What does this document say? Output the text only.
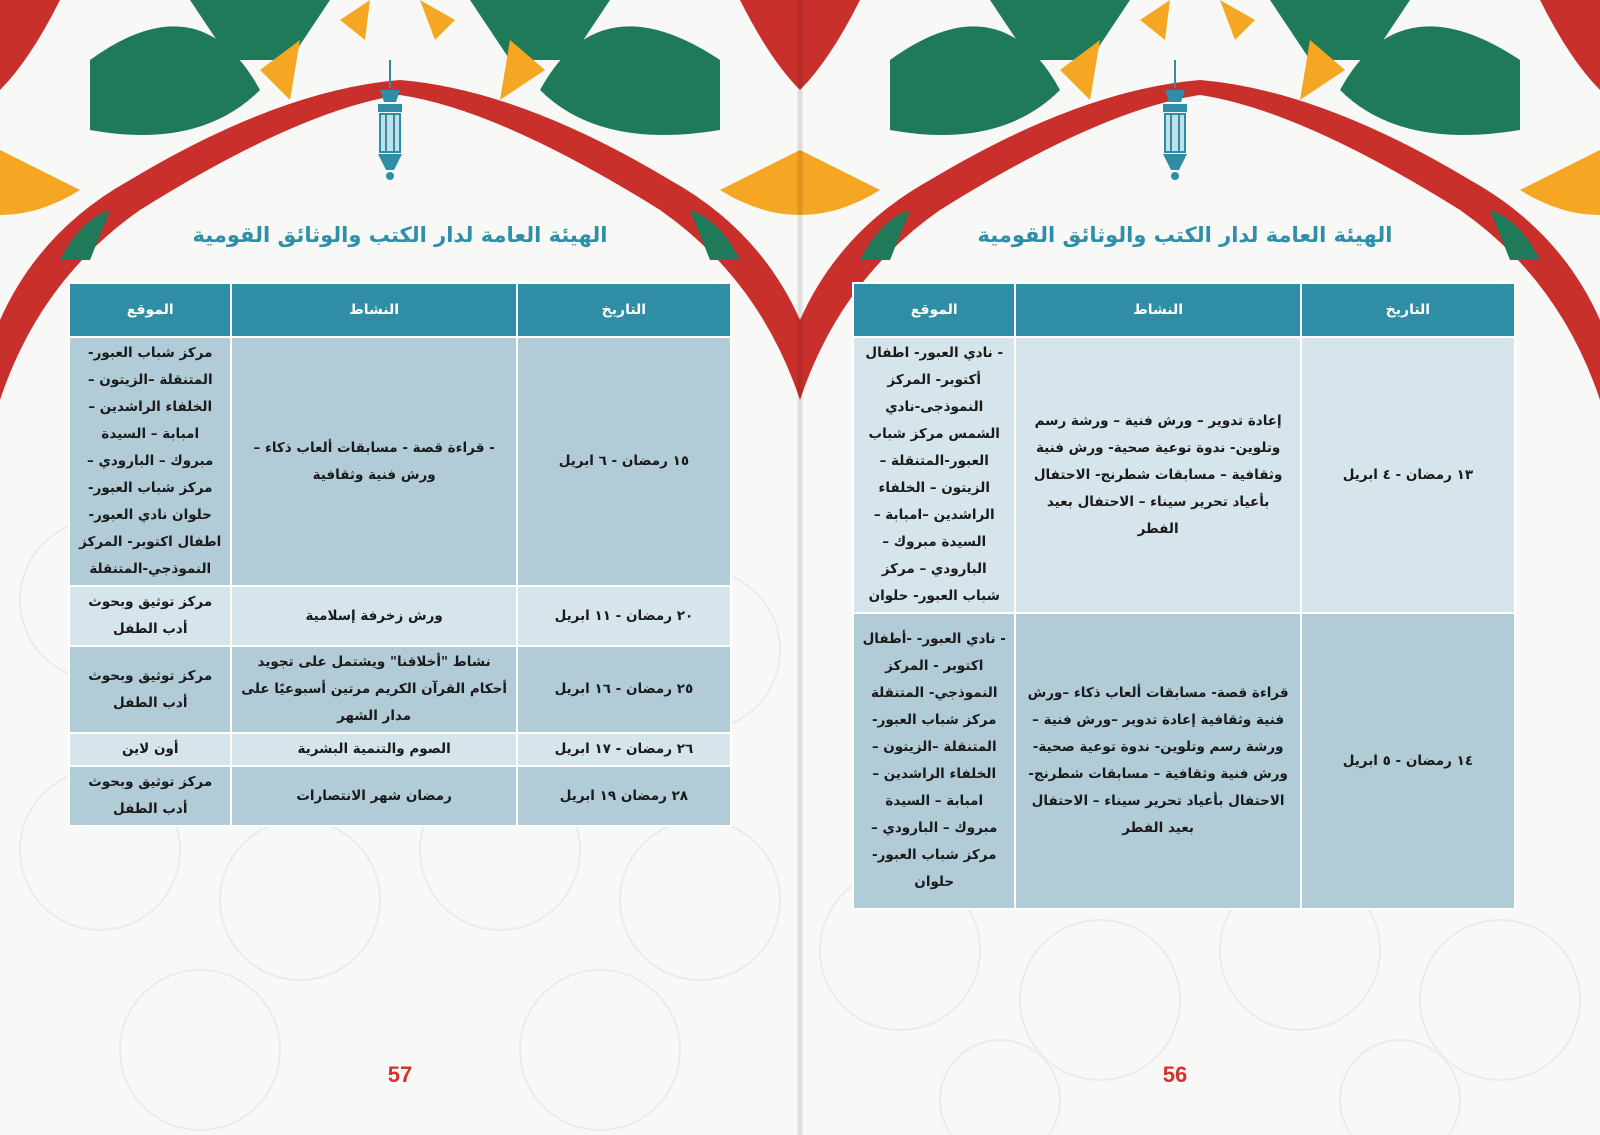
الهيئة العامة لدار الكتب والوثائق القومية
التاريخ	النشاط	الموقع
١٥ رمضان - ٦ ابريل	- قراءة قصة - مسابقات ألعاب ذكاء – ورش فنية وثقافية	مركز شباب العبور- المتنقلة –الزيتون – الخلفاء الراشدين –امبابة – السيدة مبروك – البارودي – مركز شباب العبور- حلوان نادي العبور- اطفال اكتوبر- المركز النموذجي-المتنقلة
٢٠ رمضان - ١١ ابريل	ورش زخرفة إسلامية	مركز توثيق وبحوث أدب الطفل
٢٥ رمضان - ١٦ ابريل	نشاط "أخلاقنا" ويشتمل على تجويد أحكام القرآن الكريم مرتين أسبوعيًا على مدار الشهر	مركز توثيق وبحوث أدب الطفل
٢٦ رمضان - ١٧ ابريل	الصوم والتنمية البشرية	أون لاين
٢٨ رمضان ١٩ ابريل	رمضان شهر الانتصارات	مركز توثيق وبحوث أدب الطفل
57
الهيئة العامة لدار الكتب والوثائق القومية
التاريخ	النشاط	الموقع
١٣ رمضان - ٤ ابريل	إعادة تدوير – ورش فنية – ورشة رسم وتلوين- ندوة توعية صحية- ورش فنية وثقافية – مسابقات شطرنج- الاحتفال بأعياد تحرير سيناء – الاحتفال بعيد الفطر	- نادي العبور- اطفال أكتوبر- المركز النموذجى-نادي الشمس مركز شباب العبور-المتنقلة – الزيتون – الخلفاء الراشدين –امبابة – السيدة مبروك – البارودي – مركز شباب العبور- حلوان
١٤ رمضان - ٥ ابريل	قراءة قصة- مسابقات ألعاب ذكاء –ورش فنية وثقافية إعادة تدوير –ورش فنية – ورشة رسم وتلوين- ندوة توعية صحية- ورش فنية وثقافية – مسابقات شطرنج- الاحتفال بأعياد تحرير سيناء – الاحتفال بعيد الفطر	- نادي العبور- -أطفال اكتوبر - المركز النموذجي- المتنقلة مركز شباب العبور- المتنقلة –الزيتون – الخلفاء الراشدين –امبابة – السيدة مبروك – البارودي – مركز شباب العبور- حلوان
56
